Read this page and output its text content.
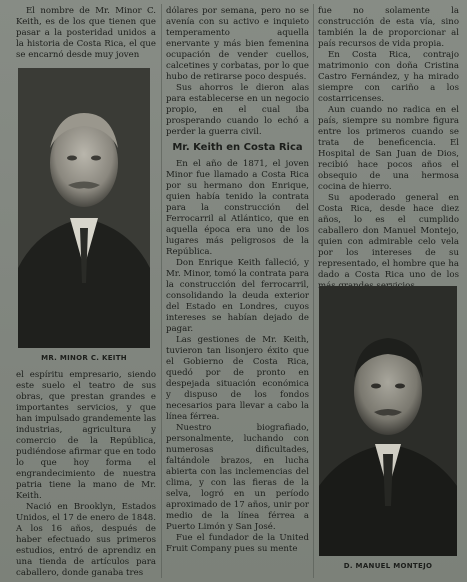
El nombre de Mr. Minor C. Keith, es de los que tienen que pasar a la posteridad unidos a la historia de Costa Rica, el que se encarnó desde muy joven

el espíritu empresario, siendo este suelo el teatro de sus obras, que prestan grandes e importantes servicios, y que han impulsado grandemente las industrias, agricultura y comercio de la República, pudiéndose afirmar que en todo lo que hoy forma el engrandecimiento de nuestra patria tiene la mano de Mr. Keith.

Nació en Brooklyn, Estados Unidos, el 17 de enero de 1848. A los 16 años, después de haber efectuado sus primeros estudios, entró de aprendiz en una tienda de artículos para caballero, donde ganaba tres

MR. MINOR C. KEITH

dólares por semana, pero no se avenía con su activo e inquieto temperamento aquella enervante y más bien femenina ocupación de vender cuellos, calcetines y corbatas, por lo que hubo de retirarse poco después.

Sus ahorros le dieron alas para establecerse en un negocio propio, en el cual iba prosperando cuando lo echó a perder la guerra civil.

Mr. Keith en Costa Rica

En el año de 1871, el joven Minor fue llamado a Costa Rica por su hermano don Enrique, quien había tenido la contrata para la construcción del Ferrocarril al Atlántico, que en aquella época era uno de los lugares más peligrosos de la República.

Don Enrique Keith falleció, y Mr. Minor, tomó la contrata para la construcción del ferrocarril, consolidando la deuda exterior del Estado en Londres, cuyos intereses se habían dejado de pagar.

Las gestiones de Mr. Keith, tuvieron tan lisonjero éxito que el Gobierno de Costa Rica, quedó por de pronto en despejada situación económica y dispuso de los fondos necesarios para llevar a cabo la línea férrea.

Nuestro biografiado, personalmente, luchando con numerosas dificultades, faltándole brazos, en lucha abierta con las inclemencias del clima, y con las fieras de la selva, logró en un período aproximado de 17 años, unir por medio de la línea férrea a Puerto Limón y San José.

Fue el fundador de la United Fruit Company pues su mente

fue no solamente la construcción de esta vía, sino también la de proporcionar al país recursos de vida propia.

En Costa Rica, contrajo matrimonio con doña Cristina Castro Fernández, y ha mirado siempre con cariño a los costarricenses.

Aun cuando no radica en el país, siempre su nombre figura entre los primeros cuando se trata de beneficencia. El Hospital de San Juan de Dios, recibió hace pocos años el obsequio de una hermosa cocina de hierro.

Su apoderado general en Costa Rica, desde hace diez años, lo es el cumplido caballero don Manuel Montejo, quien con admirable celo vela por los intereses de su representado, el hombre que ha dado a Costa Rica uno de los

D. MANUEL MONTEJO
